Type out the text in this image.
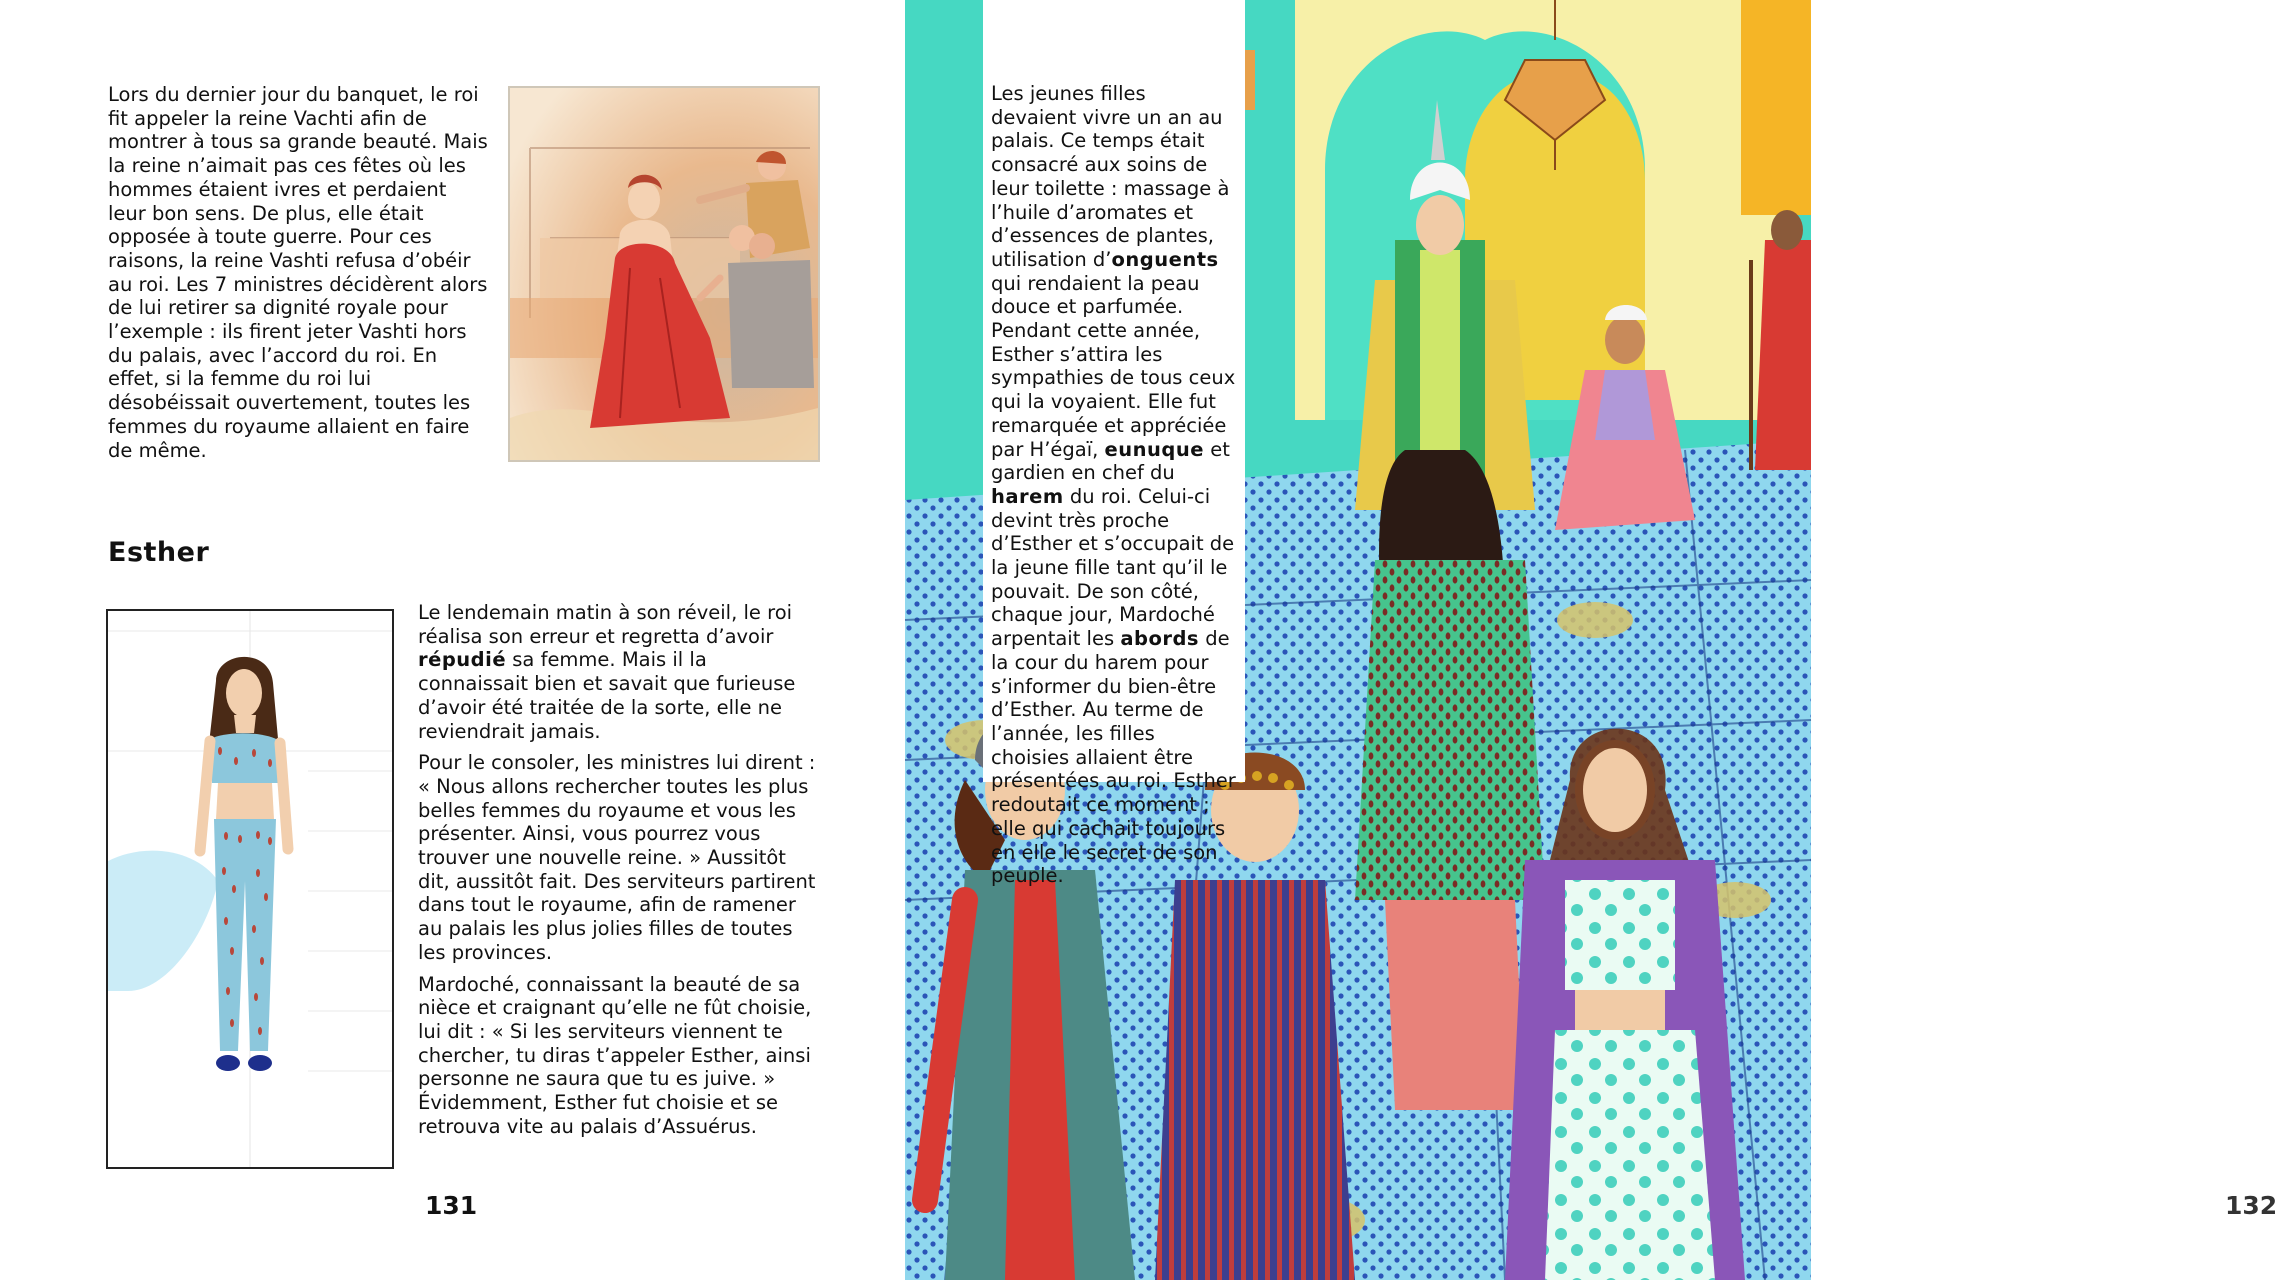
Lors du dernier jour du banquet, le roi fit appeler la reine Vachti afin de montrer à tous sa grande beauté. Mais la reine n’aimait pas ces fêtes où les hommes étaient ivres et perdaient leur bon sens. De plus, elle était opposée à toute guerre. Pour ces raisons, la reine Vashti refusa d’obéir au roi. Les 7 ministres décidèrent alors de lui retirer sa dignité royale pour l’exemple : ils firent jeter Vashti hors du palais, avec l’accord du roi. En effet, si la femme du roi lui désobéissait ouvertement, toutes les femmes du royaume allaient en faire de même.

Esther

Le lendemain matin à son réveil, le roi réalisa son erreur et regretta d’avoir répudié sa femme. Mais il la connaissait bien et savait que furieuse d’avoir été traitée de la sorte, elle ne reviendrait jamais.

Pour le consoler, les ministres lui dirent : « Nous allons rechercher toutes les plus belles femmes du royaume et vous les présenter. Ainsi, vous pourrez vous trouver une nouvelle reine. » Aussitôt dit, aussitôt fait. Des serviteurs partirent dans tout le royaume, afin de ramener au palais les plus jolies filles de toutes les provinces.

Mardoché, connaissant la beauté de sa nièce et craignant qu’elle ne fût choisie, lui dit : « Si les serviteurs viennent te chercher, tu diras t’appeler Esther, ainsi personne ne saura que tu es juive. » Évidemment, Esther fut choisie et se retrouva vite au palais d’Assuérus.

131

Les jeunes filles devaient vivre un an au palais. Ce temps était consacré aux soins de leur toilette : massage à l’huile d’aromates et d’essences de plantes, utilisation d’onguents qui rendaient la peau douce et parfumée. Pendant cette année, Esther s’attira les sympathies de tous ceux qui la voyaient. Elle fut remarquée et appréciée par H’égaï, eunuque et gardien en chef du harem du roi. Celui-ci devint très proche d’Esther et s’occupait de la jeune fille tant qu’il le pouvait. De son côté, chaque jour, Mardoché arpentait les abords de la cour du harem pour s’informer du bien-être d’Esther. Au terme de l’année, les filles choisies allaient être présentées au roi. Esther redoutait ce moment ; elle qui cachait toujours en elle le secret de son peuple.

132
